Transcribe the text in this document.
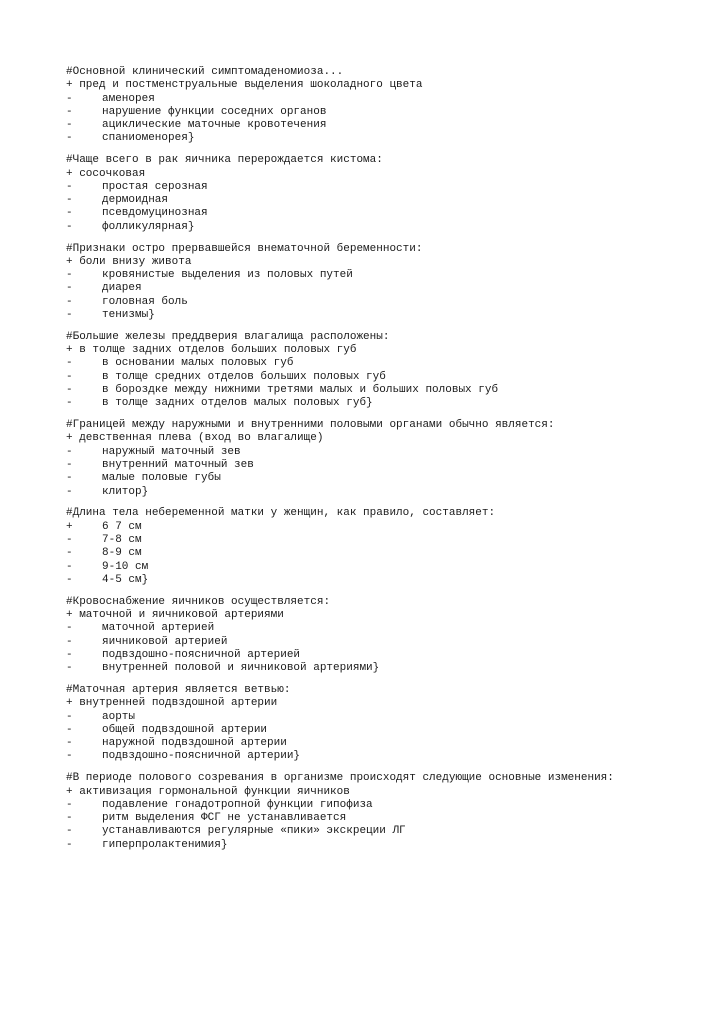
#Основной клинический симптомаденомиоза...
+ пред и постменструальные выделения шоколадного цвета
-	аменорея
-	нарушение функции соседних органов
-	ациклические маточные кровотечения
-	спаниоменорея}
#Чаще всего в рак яичника перерождается кистома:
+ сосочковая
-	простая серозная
-	дермоидная
-	псевдомуцинозная
-	фолликулярная}
#Признаки остро прервавшейся внематочной беременности:
+ боли внизу живота
-	кровянистые выделения из половых путей
-	диарея
-	головная боль
-	тенизмы}
#Большие железы преддверия влагалища расположены:
+ в толще задних отделов больших половых губ
-	в основании малых половых губ
-	в толще средних отделов больших половых губ
-	в бороздке между нижними третями малых и больших половых губ
-	в толще задних отделов малых половых губ}
#Границей между наружными и внутренними половыми органами обычно является:
+ девственная плева (вход во влагалище)
-	наружный маточный зев
-	внутренний маточный зев
-	малые половые губы
-	клитор}
#Длина тела небеременной матки у женщин, как правило, составляет:
+	6 7 см
-	7-8 см
-	8-9 см
-	9-10 см
-	4-5 см}
#Кровоснабжение яичников осуществляется:
+ маточной и яичниковой артериями
-	маточной артерией
-	яичниковой артерией
-	подвздошно-поясничной артерией
-	внутренней половой и яичниковой артериями}
#Маточная артерия является ветвью:
+ внутренней подвздошной артерии
-	аорты
-	общей подвздошной артерии
-	наружной подвздошной артерии
-	подвздошно-поясничной артерии}
#В периоде полового созревания в организме происходят следующие основные изменения:
+ активизация гормональной функции яичников
-	подавление гонадотропной функции гипофиза
-	ритм выделения ФСГ не устанавливается
-	устанавливаются регулярные «пики» экскреции ЛГ
-	гиперпролактенимия}
